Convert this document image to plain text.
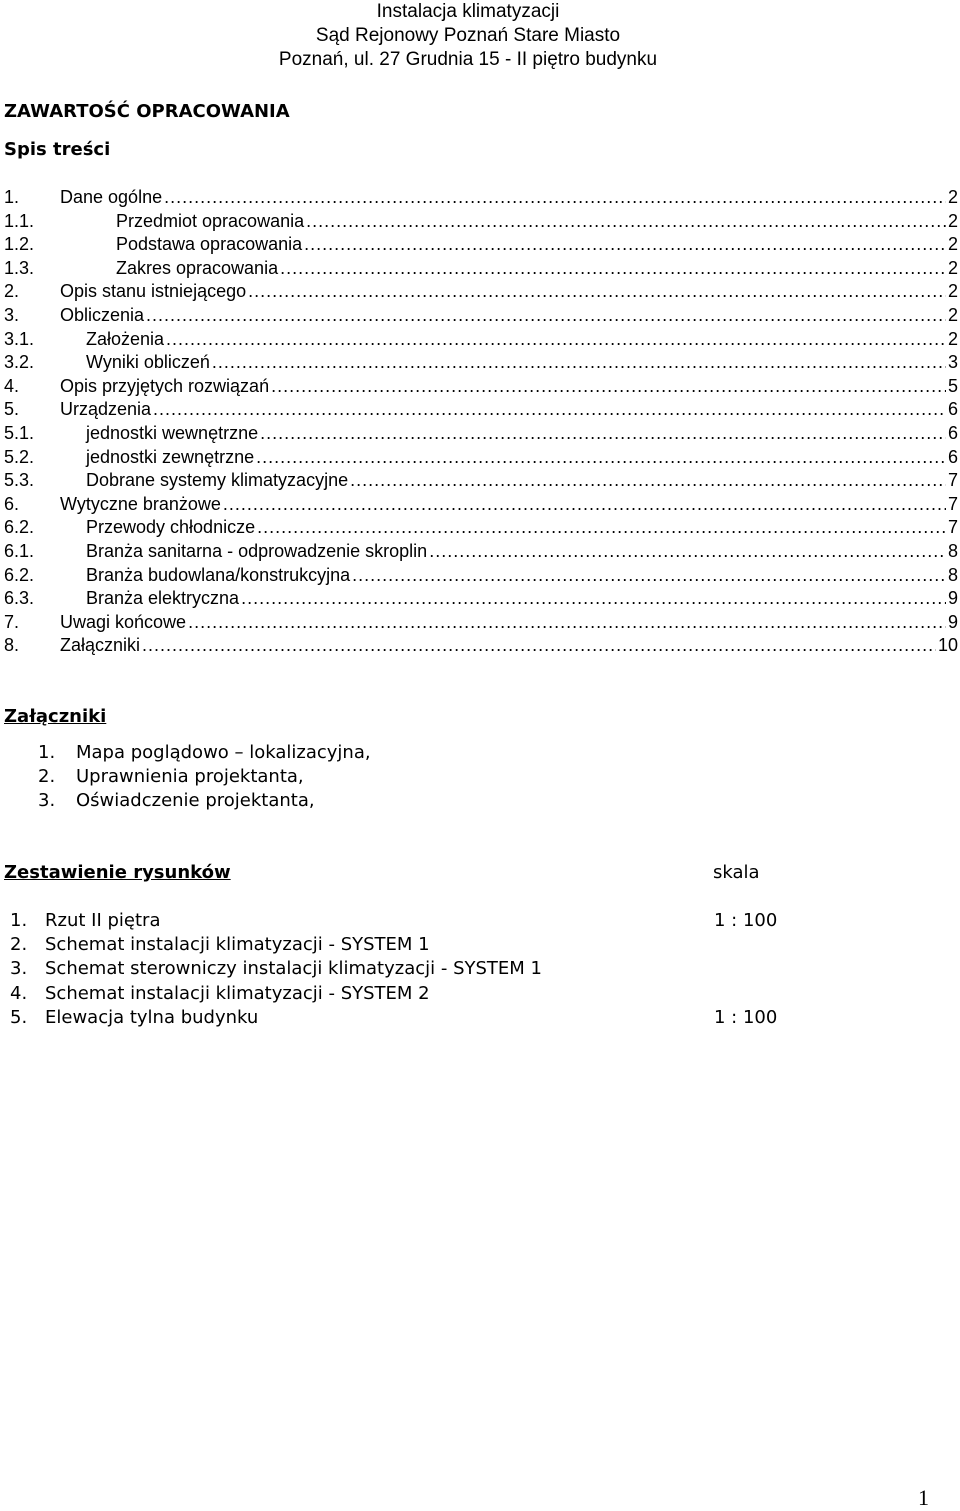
Instalacja klimatyzacji
Sąd Rejonowy Poznań Stare Miasto
Poznań, ul. 27 Grudnia 15 - II piętro budynku
ZAWARTOŚĆ OPRACOWANIA
Spis treści
1.	Dane ogólne .....	2
1.1.	Przedmiot opracowania .....	2
1.2.	Podstawa opracowania .....	2
1.3.	Zakres opracowania .....	2
2.	Opis stanu istniejącego .....	2
3.	Obliczenia .....	2
3.1.	Założenia .....	2
3.2.	Wyniki obliczeń .....	3
4.	Opis przyjętych rozwiązań .....	5
5.	Urządzenia .....	6
5.1.	jednostki wewnętrzne .....	6
5.2.	jednostki zewnętrzne .....	6
5.3.	Dobrane systemy klimatyzacyjne .....	7
6.	Wytyczne branżowe .....	7
6.2.	Przewody chłodnicze .....	7
6.1.	Branża sanitarna - odprowadzenie skroplin .....	8
6.2.	Branża budowlana/konstrukcyjna .....	8
6.3.	Branża elektryczna .....	9
7.	Uwagi końcowe .....	9
8.	Załączniki .....	10
Załączniki
1. Mapa poglądowo – lokalizacyjna,
2. Uprawnienia projektanta,
3. Oświadczenie projektanta,
Zestawienie rysunków	skala
1. Rzut II piętra	1 : 100
2. Schemat instalacji klimatyzacji - SYSTEM 1
3. Schemat sterowniczy instalacji klimatyzacji - SYSTEM 1
4. Schemat instalacji klimatyzacji - SYSTEM 2
5. Elewacja tylna budynku	1 : 100
1
